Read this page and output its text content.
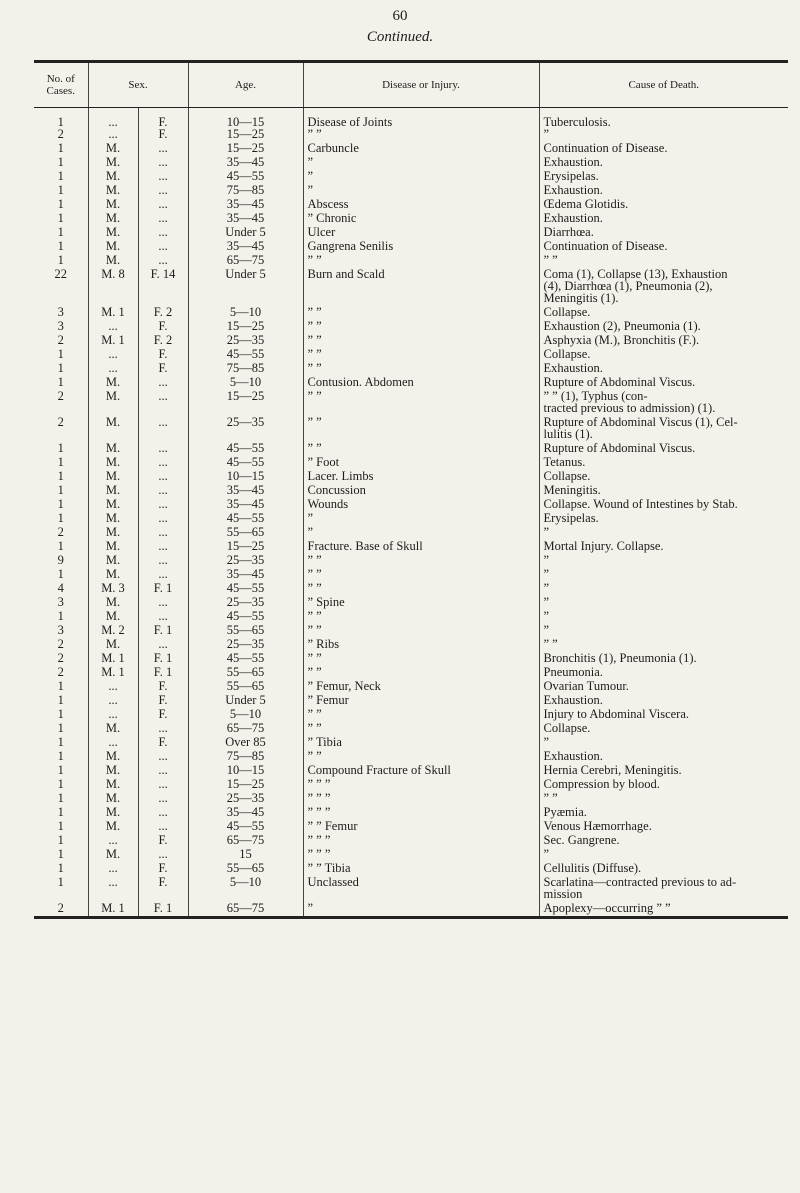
60
Continued.
No. of Cases.	Sex.		Age.	Disease or Injury.	Cause of Death.
1	...	F.	10—15	Disease of Joints	Tuberculosis.

2	...	F.	15—25	” ”	”

1	M.	...	15—25	Carbuncle	Continuation of Disease.

1	M.	...	35—45	”	Exhaustion.

1	M.	...	45—55	”	Erysipelas.

1	M.	...	75—85	”	Exhaustion.

1	M.	...	35—45	Abscess	Œdema Glotidis.

1	M.	...	35—45	” Chronic	Exhaustion.

1	M.	...	Under 5	Ulcer	Diarrhœa.

1	M.	...	35—45	Gangrena Senilis	Continuation of Disease.

1	M.	...	65—75	” ”	” ”

22	M. 8	F. 14	Under 5	Burn and Scald	Coma (1), Collapse (13), Exhaustion
(4), Diarrhœa (1), Pneumonia (2),
Meningitis (1).

3	M. 1	F. 2	5—10	” ”	Collapse.

3	...	F.	15—25	” ”	Exhaustion (2), Pneumonia (1).

2	M. 1	F. 2	25—35	” ”	Asphyxia (M.), Bronchitis (F.).

1	...	F.	45—55	” ”	Collapse.

1	...	F.	75—85	” ”	Exhaustion.

1	M.	...	5—10	Contusion. Abdomen	Rupture of Abdominal Viscus.

2	M.	...	15—25	” ”	” ” (1), Typhus (con-
tracted previous to admission) (1).

2	M.	...	25—35	” ”	Rupture of Abdominal Viscus (1), Cel-
lulitis (1).

1	M.	...	45—55	” ”	Rupture of Abdominal Viscus.

1	M.	...	45—55	” Foot	Tetanus.

1	M.	...	10—15	Lacer. Limbs	Collapse.

1	M.	...	35—45	Concussion	Meningitis.

1	M.	...	35—45	Wounds	Collapse. Wound of Intestines by Stab.

1	M.	...	45—55	”	Erysipelas.

2	M.	...	55—65	”	”

1	M.	...	15—25	Fracture. Base of Skull	Mortal Injury. Collapse.

9	M.	...	25—35	” ”	”

1	M.	...	35—45	” ”	”

4	M. 3	F. 1	45—55	” ”	”

3	M.	...	25—35	” Spine	”

1	M.	...	45—55	” ”	”

3	M. 2	F. 1	55—65	” ”	”

2	M.	...	25—35	” Ribs	” ”

2	M. 1	F. 1	45—55	” ”	Bronchitis (1), Pneumonia (1).

2	M. 1	F. 1	55—65	” ”	Pneumonia.

1	...	F.	55—65	” Femur, Neck	Ovarian Tumour.

1	...	F.	Under 5	” Femur	Exhaustion.

1	...	F.	5—10	” ”	Injury to Abdominal Viscera.

1	M.	...	65—75	” ”	Collapse.

1	...	F.	Over 85	” Tibia	”

1	M.	...	75—85	” ”	Exhaustion.

1	M.	...	10—15	Compound Fracture of Skull	Hernia Cerebri, Meningitis.

1	M.	...	15—25	” ” ”	Compression by blood.

1	M.	...	25—35	” ” ”	” ”

1	M.	...	35—45	” ” ”	Pyæmia.

1	M.	...	45—55	” ” Femur	Venous Hæmorrhage.

1	...	F.	65—75	” ” ”	Sec. Gangrene.

1	M.	...	15	” ” ”	”

1	...	F.	55—65	” ” Tibia	Cellulitis (Diffuse).

1	...	F.	5—10	Unclassed	Scarlatina—contracted previous to ad-
mission

2	M. 1	F. 1	65—75	”	Apoplexy—occurring ” ”
